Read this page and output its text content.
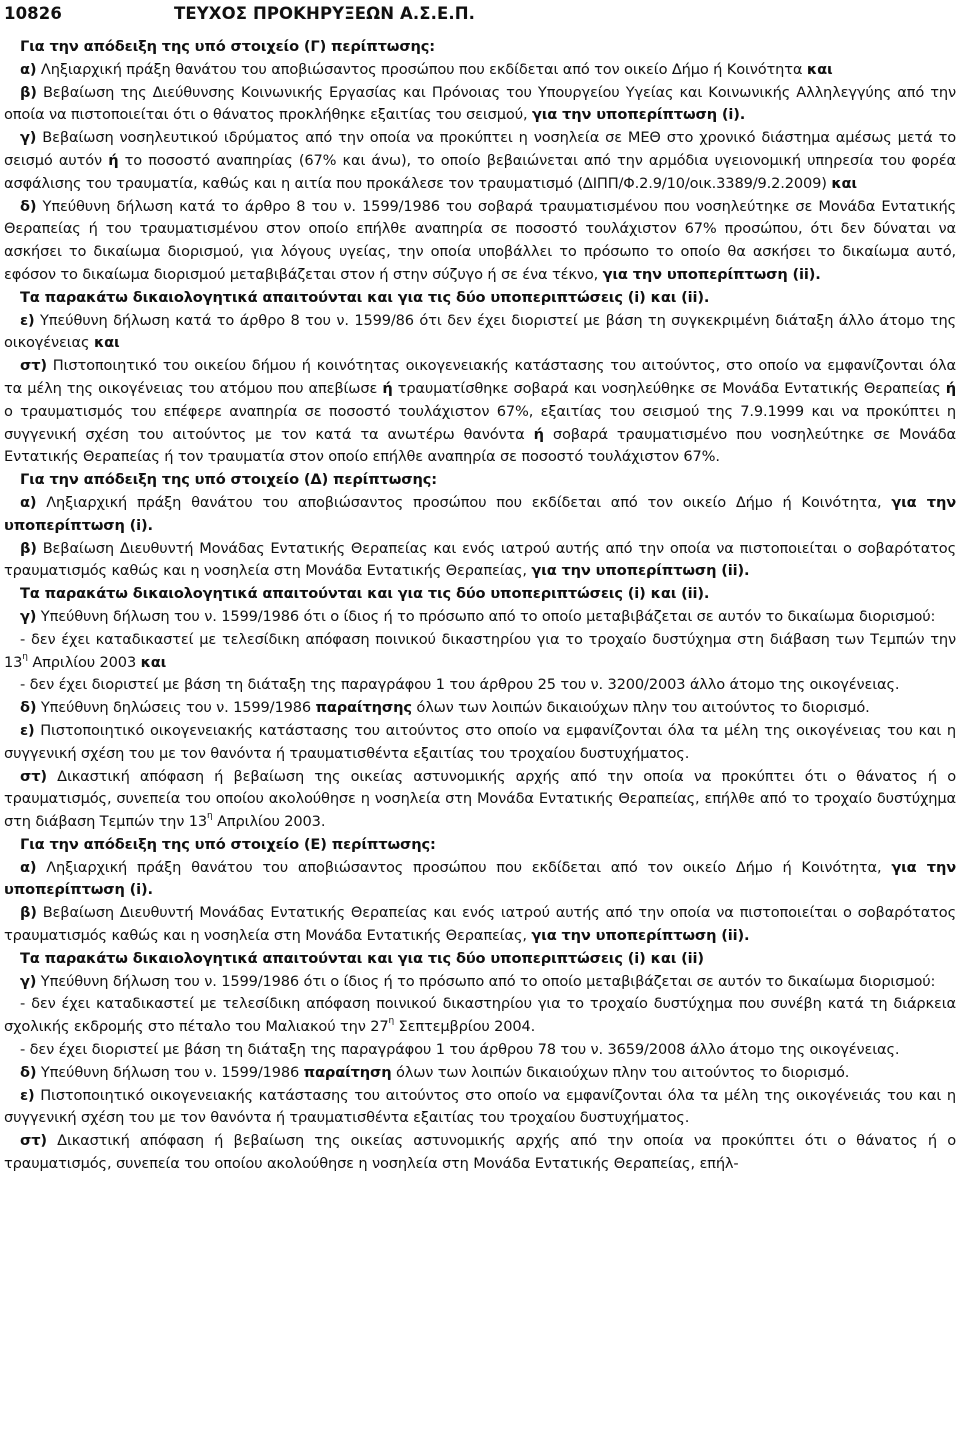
10826	ΤΕΥΧΟΣ ΠΡΟΚΗΡΥΞΕΩΝ Α.Σ.Ε.Π.

Για την απόδειξη της υπό στοιχείο (Γ) περίπτωσης:

α) Ληξιαρχική πράξη θανάτου του αποβιώσαντος προσώπου που εκδίδεται από τον οικείο Δήμο ή Κοινότητα και

β) Βεβαίωση της Διεύθυνσης Κοινωνικής Εργασίας και Πρόνοιας του Υπουργείου Υγείας και Κοινωνικής Αλληλεγγύης από την οποία να πιστοποιείται ότι ο θάνατος προκλήθηκε εξαιτίας του σεισμού, για την υποπερίπτωση (i).

γ) Βεβαίωση νοσηλευτικού ιδρύματος από την οποία να προκύπτει η νοσηλεία σε ΜΕΘ στο χρονικό διάστημα αμέσως μετά το σεισμό αυτόν ή το ποσοστό αναπηρίας (67% και άνω), το οποίο βεβαιώνεται από την αρμόδια υγειονομική υπηρεσία του φορέα ασφάλισης του τραυματία, καθώς και η αιτία που προκάλεσε τον τραυματισμό (ΔΙΠΠ/Φ.2.9/10/οικ.3389/9.2.2009) και

δ) Υπεύθυνη δήλωση κατά το άρθρο 8 του ν. 1599/1986 του σοβαρά τραυματισμένου που νοσηλεύτηκε σε Μονάδα Εντατικής Θεραπείας ή του τραυματισμένου στον οποίο επήλθε αναπηρία σε ποσοστό τουλάχιστον 67% προσώπου, ότι δεν δύναται να ασκήσει το δικαίωμα διορισμού, για λόγους υγείας, την οποία υποβάλλει το πρόσωπο το οποίο θα ασκήσει το δικαίωμα αυτό, εφόσον το δικαίωμα διορισμού μεταβιβάζεται στον ή στην σύζυγο ή σε ένα τέκνο, για την υποπερίπτωση (ii).

Τα παρακάτω δικαιολογητικά απαιτούνται και για τις δύο υποπεριπτώσεις (i) και (ii).

ε) Υπεύθυνη δήλωση κατά το άρθρο 8 του ν. 1599/86 ότι δεν έχει διοριστεί με βάση τη συγκεκριμένη διάταξη άλλο άτομο της οικογένειας και

στ) Πιστοποιητικό του οικείου δήμου ή κοινότητας οικογενειακής κατάστασης του αιτούντος, στο οποίο να εμφανίζονται όλα τα μέλη της οικογένειας του ατόμου που απεβίωσε ή τραυματίσθηκε σοβαρά και νοσηλεύθηκε σε Μονάδα Εντατικής Θεραπείας ή ο τραυματισμός του επέφερε αναπηρία σε ποσοστό τουλάχιστον 67%, εξαιτίας του σεισμού της 7.9.1999 και να προκύπτει η συγγενική σχέση του αιτούντος με τον κατά τα ανωτέρω θανόντα ή σοβαρά τραυματισμένο που νοσηλεύτηκε σε Μονάδα Εντατικής Θεραπείας ή τον τραυματία στον οποίο επήλθε αναπηρία σε ποσοστό τουλάχιστον 67%.

Για την απόδειξη της υπό στοιχείο (Δ) περίπτωσης:

α) Ληξιαρχική πράξη θανάτου του αποβιώσαντος προσώπου που εκδίδεται από τον οικείο Δήμο ή Κοινότητα, για την υποπερίπτωση (i).

β) Βεβαίωση Διευθυντή Μονάδας Εντατικής Θεραπείας και ενός ιατρού αυτής από την οποία να πιστοποιείται ο σοβαρότατος τραυματισμός καθώς και η νοσηλεία στη Μονάδα Εντατικής Θεραπείας, για την υποπερίπτωση (ii).

Τα παρακάτω δικαιολογητικά απαιτούνται και για τις δύο υποπεριπτώσεις (i) και (ii).

γ) Υπεύθυνη δήλωση του ν. 1599/1986 ότι ο ίδιος ή το πρόσωπο από το οποίο μεταβιβάζεται σε αυτόν το δικαίωμα διορισμού:

- δεν έχει καταδικαστεί με τελεσίδικη απόφαση ποινικού δικαστηρίου για το τροχαίο δυστύχημα στη διάβαση των Τεμπών την $13^\eta$ Απριλίου 2003 και

- δεν έχει διοριστεί με βάση τη διάταξη της παραγράφου 1 του άρθρου 25 του ν. 3200/2003 άλλο άτομο της οικογένειας.

δ) Υπεύθυνη δηλώσεις του ν. 1599/1986 παραίτησης όλων των λοιπών δικαιούχων πλην του αιτούντος το διορισμό.

ε) Πιστοποιητικό οικογενειακής κατάστασης του αιτούντος στο οποίο να εμφανίζονται όλα τα μέλη της οικογένειας του και η συγγενική σχέση του με τον θανόντα ή τραυματισθέντα εξαιτίας του τροχαίου δυστυχήματος.

στ) Δικαστική απόφαση ή βεβαίωση της οικείας αστυνομικής αρχής από την οποία να προκύπτει ότι ο θάνατος ή ο τραυματισμός, συνεπεία του οποίου ακολούθησε η νοσηλεία στη Μονάδα Εντατικής Θεραπείας, επήλθε από το τροχαίο δυστύχημα στη διάβαση Τεμπών την $13^\eta$ Απριλίου 2003.

Για την απόδειξη της υπό στοιχείο (Ε) περίπτωσης:

α) Ληξιαρχική πράξη θανάτου του αποβιώσαντος προσώπου που εκδίδεται από τον οικείο Δήμο ή Κοινότητα, για την υποπερίπτωση (i).

β) Βεβαίωση Διευθυντή Μονάδας Εντατικής Θεραπείας και ενός ιατρού αυτής από την οποία να πιστοποιείται ο σοβαρότατος τραυματισμός καθώς και η νοσηλεία στη Μονάδα Εντατικής Θεραπείας, για την υποπερίπτωση (ii).

Τα παρακάτω δικαιολογητικά απαιτούνται και για τις δύο υποπεριπτώσεις (i) και (ii)

γ) Υπεύθυνη δήλωση του ν. 1599/1986 ότι ο ίδιος ή το πρόσωπο από το οποίο μεταβιβάζεται σε αυτόν το δικαίωμα διορισμού:

- δεν έχει καταδικαστεί με τελεσίδικη απόφαση ποινικού δικαστηρίου για το τροχαίο δυστύχημα που συνέβη κατά τη διάρκεια σχολικής εκδρομής στο πέταλο του Μαλιακού την $27^\eta$ Σεπτεμβρίου 2004.

- δεν έχει διοριστεί με βάση τη διάταξη της παραγράφου 1 του άρθρου 78 του ν. 3659/2008 άλλο άτομο της οικογένειας.

δ) Υπεύθυνη δήλωση του ν. 1599/1986 παραίτηση όλων των λοιπών δικαιούχων πλην του αιτούντος το διορισμό.

ε) Πιστοποιητικό οικογενειακής κατάστασης του αιτούντος στο οποίο να εμφανίζονται όλα τα μέλη της οικογένειάς του και η συγγενική σχέση του με τον θανόντα ή τραυματισθέντα εξαιτίας του τροχαίου δυστυχήματος.

στ) Δικαστική απόφαση ή βεβαίωση της οικείας αστυνομικής αρχής από την οποία να προκύπτει ότι ο θάνατος ή ο τραυματισμός, συνεπεία του οποίου ακολούθησε η νοσηλεία στη Μονάδα Εντατικής Θεραπείας, επήλ-
